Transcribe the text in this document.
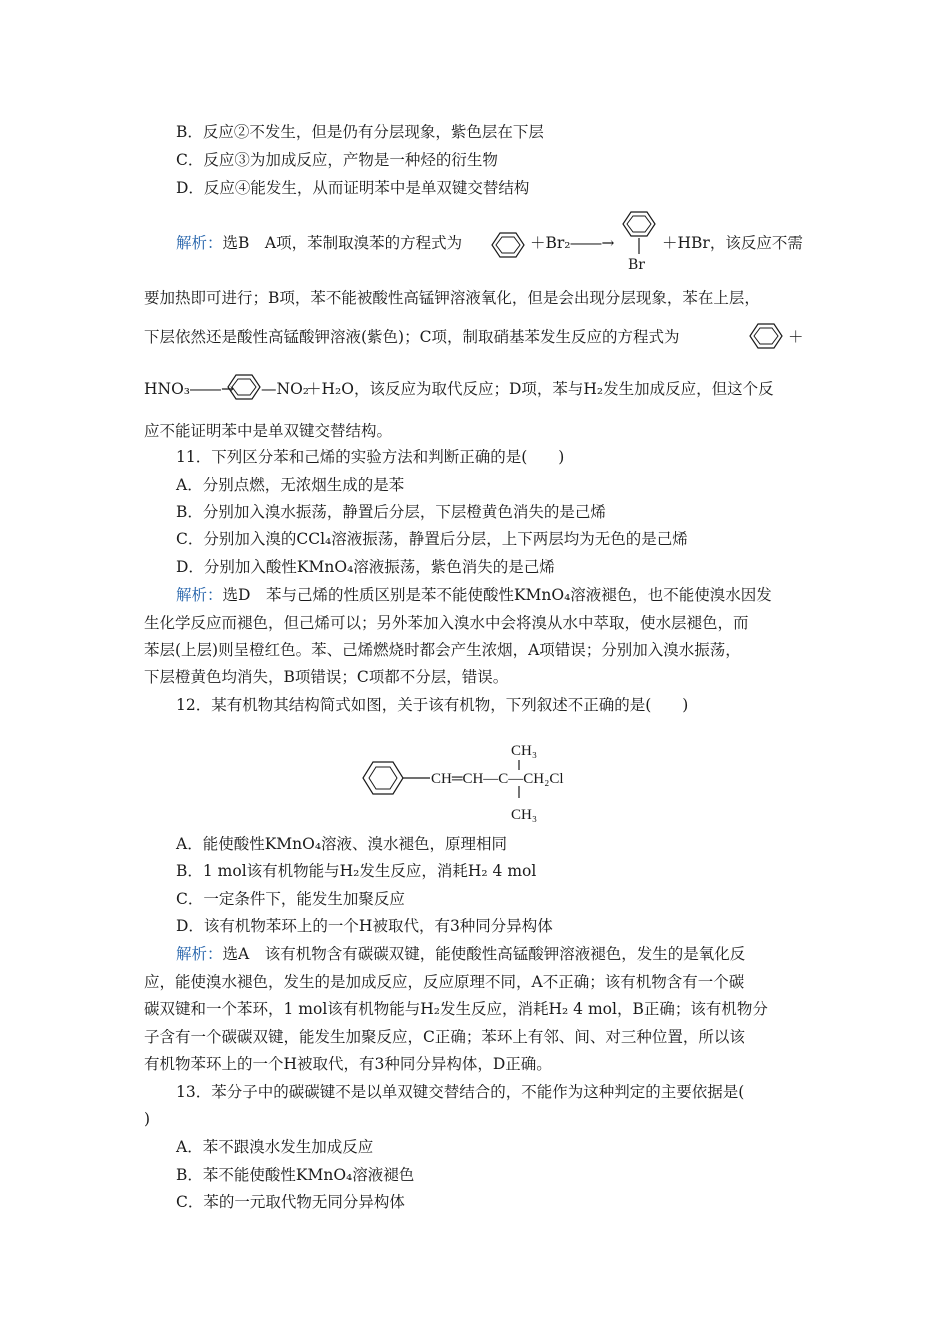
B．反应②不发生，但是仍有分层现象，紫色层在下层
C．反应③为加成反应，产物是一种烃的衍生物
D．反应④能发生，从而证明苯中是单双键交替结构
解析：选B　A项，苯制取溴苯的方程式为	＋Br₂――→
Br
＋HBr，该反应不需
要加热即可进行；B项，苯不能被酸性高锰钾溶液氧化，但是会出现分层现象，苯在上层，
下层依然还是酸性高锰酸钾溶液(紫色)；C项，制取硝基苯发生反应的方程式为	＋
HNO₃――→ —NO₂
＋H₂O，该反应为取代反应；D项，苯与H₂发生加成反应，但这个反
应不能证明苯中是单双键交替结构。
11．下列区分苯和己烯的实验方法和判断正确的是(　　)
A．分别点燃，无浓烟生成的是苯
B．分别加入溴水振荡，静置后分层，下层橙黄色消失的是己烯
C．分别加入溴的CCl₄溶液振荡，静置后分层，上下两层均为无色的是己烯
D．分别加入酸性KMnO₄溶液振荡，紫色消失的是己烯
解析：选D　苯与己烯的性质区别是苯不能使酸性KMnO₄溶液褪色，也不能使溴水因发
生化学反应而褪色，但己烯可以；另外苯加入溴水中会将溴从水中萃取，使水层褪色，而
苯层(上层)则呈橙红色。苯、己烯燃烧时都会产生浓烟，A项错误；分别加入溴水振荡，
下层橙黄色均消失，B项错误；C项都不分层，错误。
12．某有机物其结构简式如图，关于该有机物，下列叙述不正确的是(　　)
CH₃
CH═CH—C—CH₂Cl
CH₃
A．能使酸性KMnO₄溶液、溴水褪色，原理相同
B．1 mol该有机物能与H₂发生反应，消耗H₂ 4 mol
C．一定条件下，能发生加聚反应
D．该有机物苯环上的一个H被取代，有3种同分异构体
解析：选A　该有机物含有碳碳双键，能使酸性高锰酸钾溶液褪色，发生的是氧化反
应，能使溴水褪色，发生的是加成反应，反应原理不同，A不正确；该有机物含有一个碳
碳双键和一个苯环，1 mol该有机物能与H₂发生反应，消耗H₂ 4 mol，B正确；该有机物分
子含有一个碳碳双键，能发生加聚反应，C正确；苯环上有邻、间、对三种位置，所以该
有机物苯环上的一个H被取代，有3种同分异构体，D正确。
13．苯分子中的碳碳键不是以单双键交替结合的，不能作为这种判定的主要依据是(
)
A．苯不跟溴水发生加成反应
B．苯不能使酸性KMnO₄溶液褪色
C．苯的一元取代物无同分异构体
